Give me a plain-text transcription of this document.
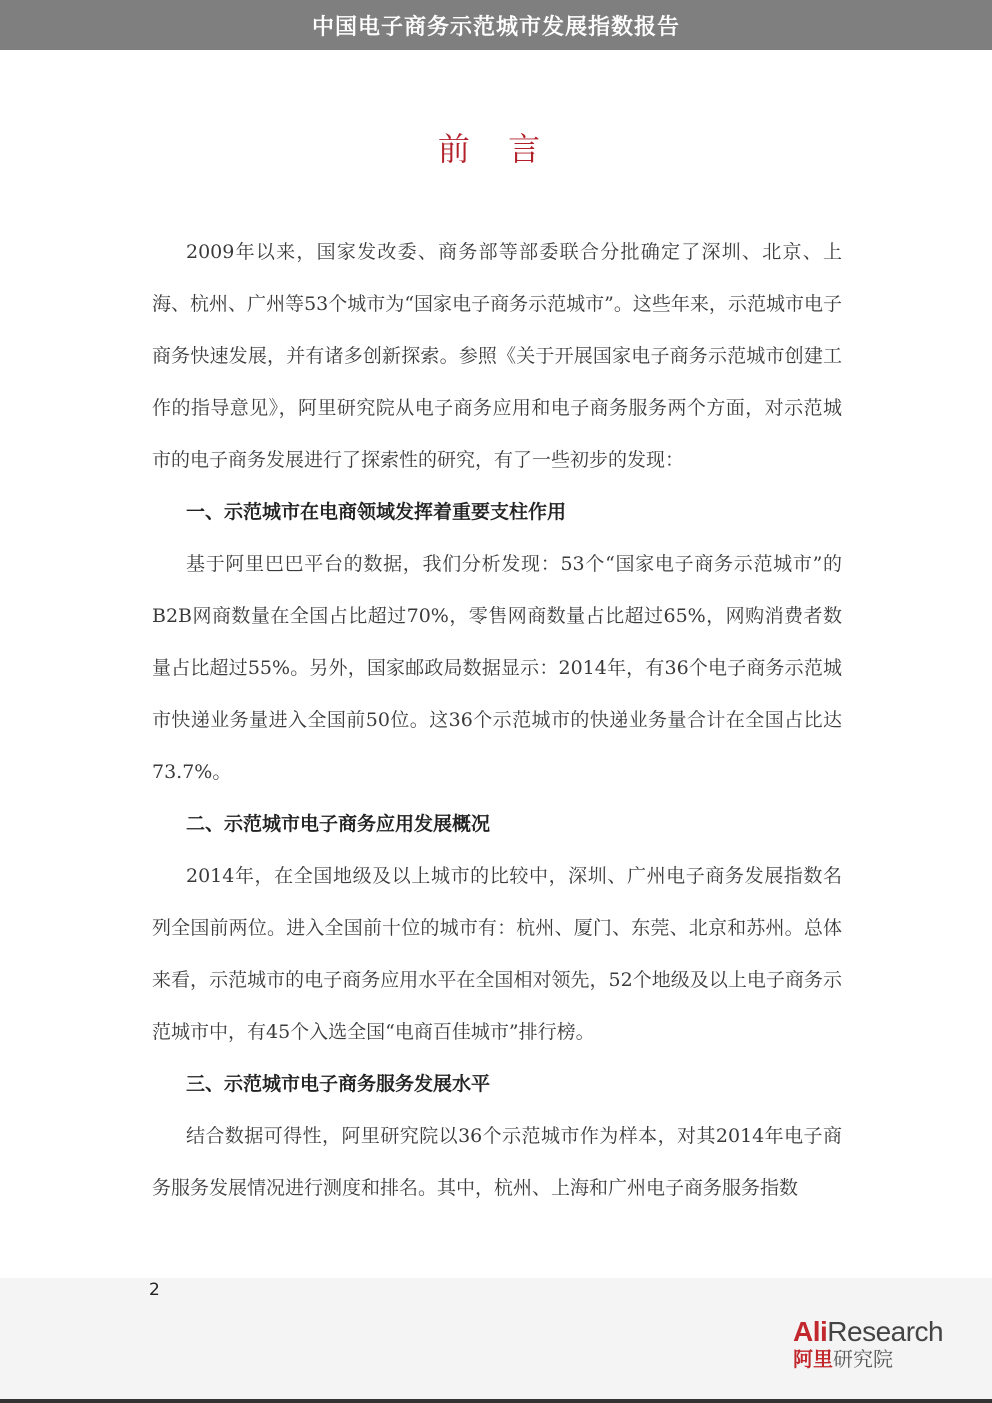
中国电子商务示范城市发展指数报告
前 言

2009年以来，国家发改委、商务部等部委联合分批确定了深圳、北京、上海、杭州、广州等53个城市为“国家电子商务示范城市”。这些年来，示范城市电子商务快速发展，并有诸多创新探索。参照《关于开展国家电子商务示范城市创建工作的指导意见》，阿里研究院从电子商务应用和电子商务服务两个方面，对示范城市的电子商务发展进行了探索性的研究，有了一些初步的发现：

一、示范城市在电商领域发挥着重要支柱作用

基于阿里巴巴平台的数据，我们分析发现：53个“国家电子商务示范城市”的B2B网商数量在全国占比超过70%，零售网商数量占比超过65%，网购消费者数量占比超过55%。另外，国家邮政局数据显示：2014年，有36个电子商务示范城市快递业务量进入全国前50位。这36个示范城市的快递业务量合计在全国占比达73.7%。

二、示范城市电子商务应用发展概况

2014年，在全国地级及以上城市的比较中，深圳、广州电子商务发展指数名列全国前两位。进入全国前十位的城市有：杭州、厦门、东莞、北京和苏州。总体来看，示范城市的电子商务应用水平在全国相对领先，52个地级及以上电子商务示范城市中，有45个入选全国“电商百佳城市”排行榜。

三、示范城市电子商务服务发展水平

结合数据可得性，阿里研究院以36个示范城市作为样本，对其2014年电子商务服务发展情况进行测度和排名。其中，杭州、上海和广州电子商务服务指数

2
AliResearch
阿里研究院
